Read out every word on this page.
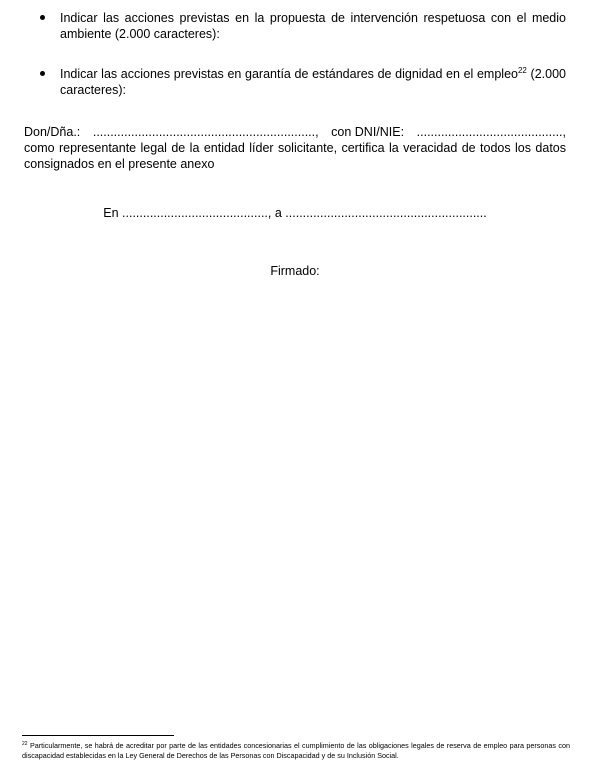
Indicar las acciones previstas en la propuesta de intervención respetuosa con el medio ambiente (2.000 caracteres):
Indicar las acciones previstas en garantía de estándares de dignidad en el empleo$^{22}$ (2.000 caracteres):
Don/Dña.: ................................................................, con DNI/NIE: ..........................................,
como representante legal de la entidad líder solicitante, certifica la veracidad de todos los datos consignados en el presente anexo
En .........................................., a ..........................................................
Firmado:
$^{22}$ Particularmente, se habrá de acreditar por parte de las entidades concesionarias el cumplimiento de las obligaciones legales de reserva de empleo para personas con discapacidad establecidas en la Ley General de Derechos de las Personas con Discapacidad y de su Inclusión Social.
